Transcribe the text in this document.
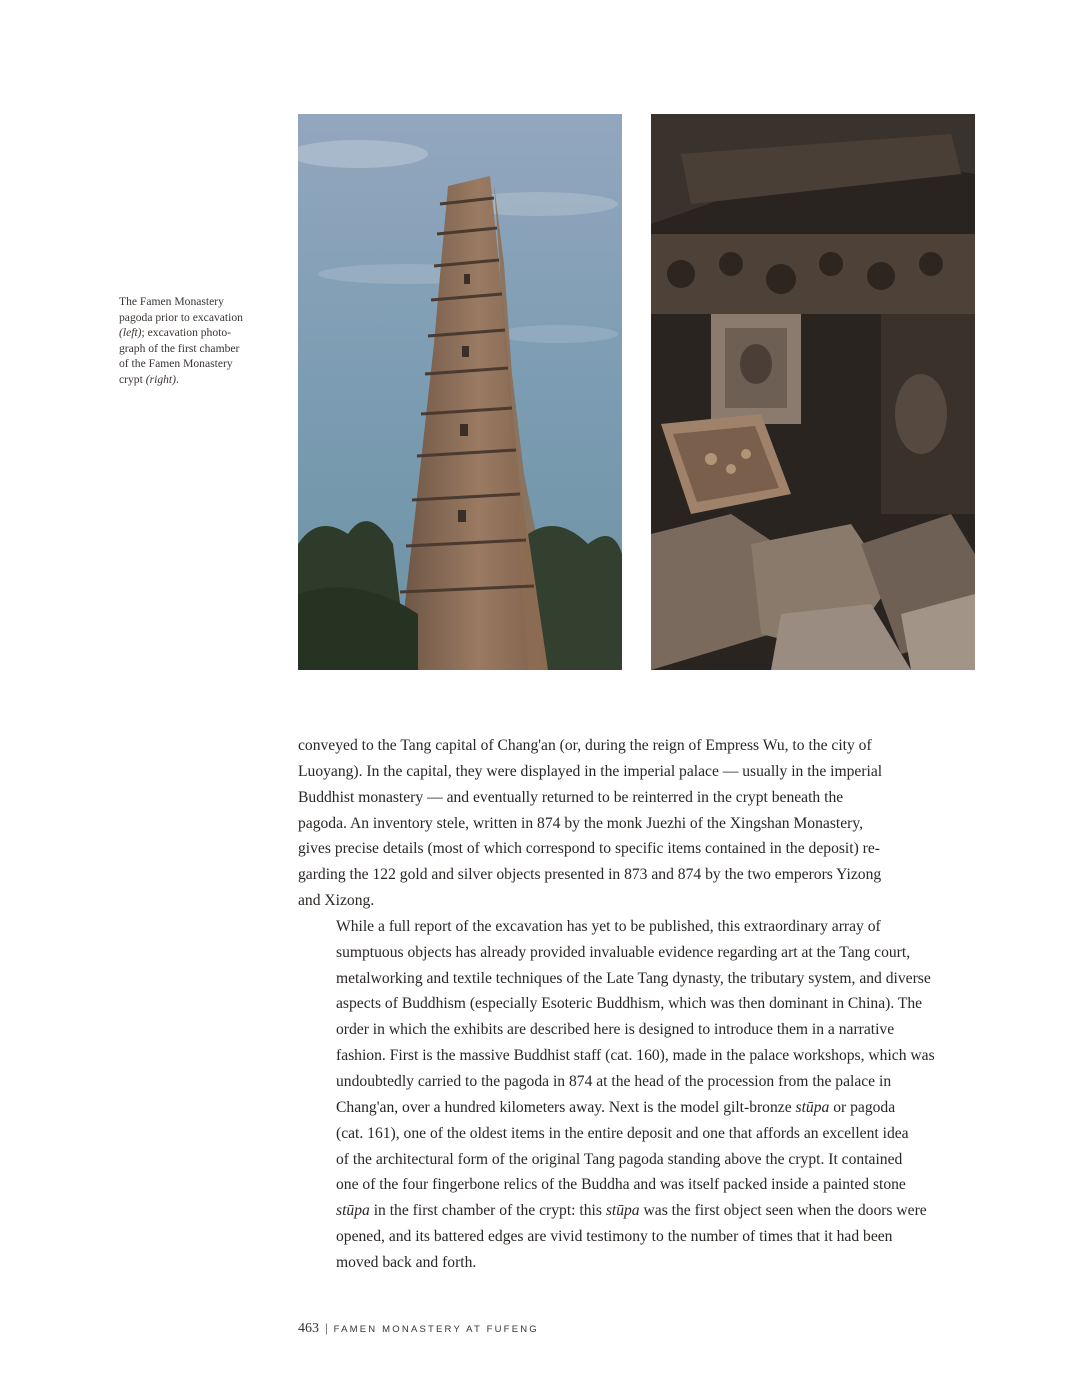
The Famen Monastery

pagoda prior to excavation

(left); excavation photo-

graph of the first chamber

of the Famen Monastery

crypt (right).

conveyed to the Tang capital of Chang'an (or, during the reign of Empress Wu, to the city of
Luoyang). In the capital, they were displayed in the imperial palace — usually in the imperial
Buddhist monastery — and eventually returned to be reinterred in the crypt beneath the
pagoda. An inventory stele, written in 874 by the monk Juezhi of the Xingshan Monastery,
gives precise details (most of which correspond to specific items contained in the deposit) re-
garding the 122 gold and silver objects presented in 873 and 874 by the two emperors Yizong
and Xizong.

While a full report of the excavation has yet to be published, this extraordinary array of
sumptuous objects has already provided invaluable evidence regarding art at the Tang court,
metalworking and textile techniques of the Late Tang dynasty, the tributary system, and diverse
aspects of Buddhism (especially Esoteric Buddhism, which was then dominant in China). The
order in which the exhibits are described here is designed to introduce them in a narrative
fashion. First is the massive Buddhist staff (cat. 160), made in the palace workshops, which was
undoubtedly carried to the pagoda in 874 at the head of the procession from the palace in
Chang'an, over a hundred kilometers away. Next is the model gilt-bronze stūpa or pagoda
(cat. 161), one of the oldest items in the entire deposit and one that affords an excellent idea
of the architectural form of the original Tang pagoda standing above the crypt. It contained
one of the four fingerbone relics of the Buddha and was itself packed inside a painted stone
stūpa in the first chamber of the crypt: this stūpa was the first object seen when the doors were
opened, and its battered edges are vivid testimony to the number of times that it had been
moved back and forth.

463 | FAMEN MONASTERY AT FUFENG
